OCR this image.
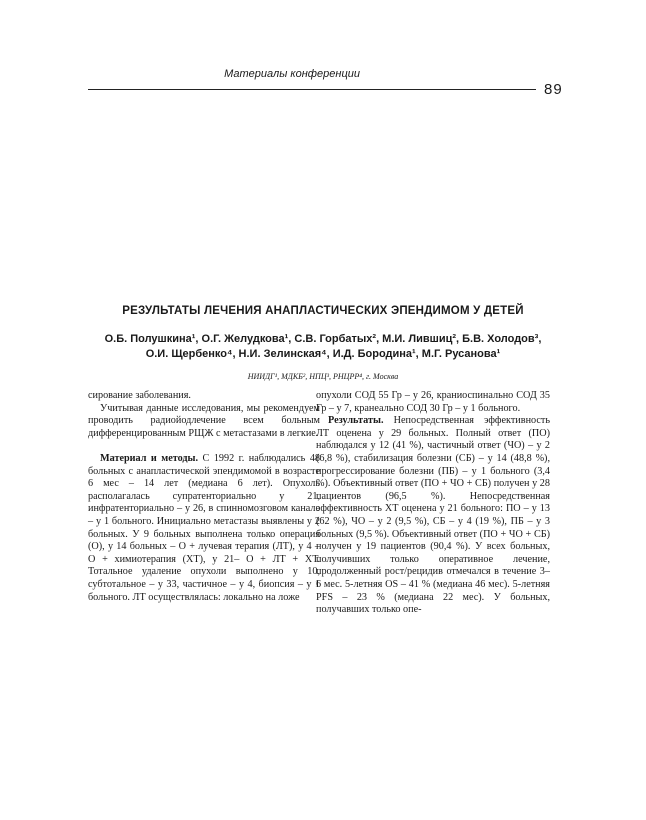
Материалы конференции
89
РЕЗУЛЬТАТЫ ЛЕЧЕНИЯ АНАПЛАСТИЧЕСКИХ ЭПЕНДИМОМ У ДЕТЕЙ

О.Б. Полушкина¹, О.Г. Желудкова¹, С.В. Горбатых², М.И. Лившиц², Б.В. Холодов³,

О.И. Щербенко⁴, Н.И. Зелинская⁴, И.Д. Бородина¹, М.Г. Русанова¹

НИИДГ¹, МДКБ², НПЦ³, РНЦРР⁴, г. Москва

сирование заболевания.

Учитывая данные исследования, мы рекомендуем проводить радиойодлечение всем больным дифференцированным РЩЖ с метастазами в легкие.

Материал и методы. С 1992 г. наблюдались 48 больных с анапластической эпендимомой в возрасте 6 мес – 14 лет (медиана 6 лет). Опухоль располагалась супратенториально у 21, инфратенториально – у 26, в спинномозговом канале – у 1 больного. Инициально метастазы выявлены у 2 больных. У 9 больных выполнена только операция (О), у 14 больных – О + лучевая терапия (ЛТ), у 4 – О + химиотерапия (ХТ), у 21– О + ЛТ + ХТ. Тотальное удаление опухоли выполнено у 10, субтотальное – у 33, частичное – у 4, биопсия – у 1 больного. ЛТ осуществлялась: локально на ложе

опухоли СОД 55 Гр – у 26, краниоспинально СОД 35 Гр – у 7, кранеально СОД 30 Гр – у 1 больного.

Результаты. Непосредственная эффективность ЛТ оценена у 29 больных. Полный ответ (ПО) наблюдался у 12 (41 %), частичный ответ (ЧО) – у 2 (6,8 %), стабилизация болезни (СБ) – у 14 (48,8 %), прогрессирование болезни (ПБ) – у 1 больного (3,4 %). Объективный ответ (ПО + ЧО + СБ) получен у 28 пациентов (96,5 %). Непосредственная эффективность ХТ оценена у 21 больного: ПО – у 13 (62 %), ЧО – у 2 (9,5 %), СБ – у 4 (19 %), ПБ – у 3 больных (9,5 %). Объективный ответ (ПО + ЧО + СБ) получен у 19 пациентов (90,4 %). У всех больных, получивших только оперативное лечение, продолженный рост/рецидив отмечался в течение 3–6 мес. 5-летняя OS – 41 % (медиана 46 мес). 5-летняя PFS – 23 % (медиана 22 мес). У больных, получавших только опе-
